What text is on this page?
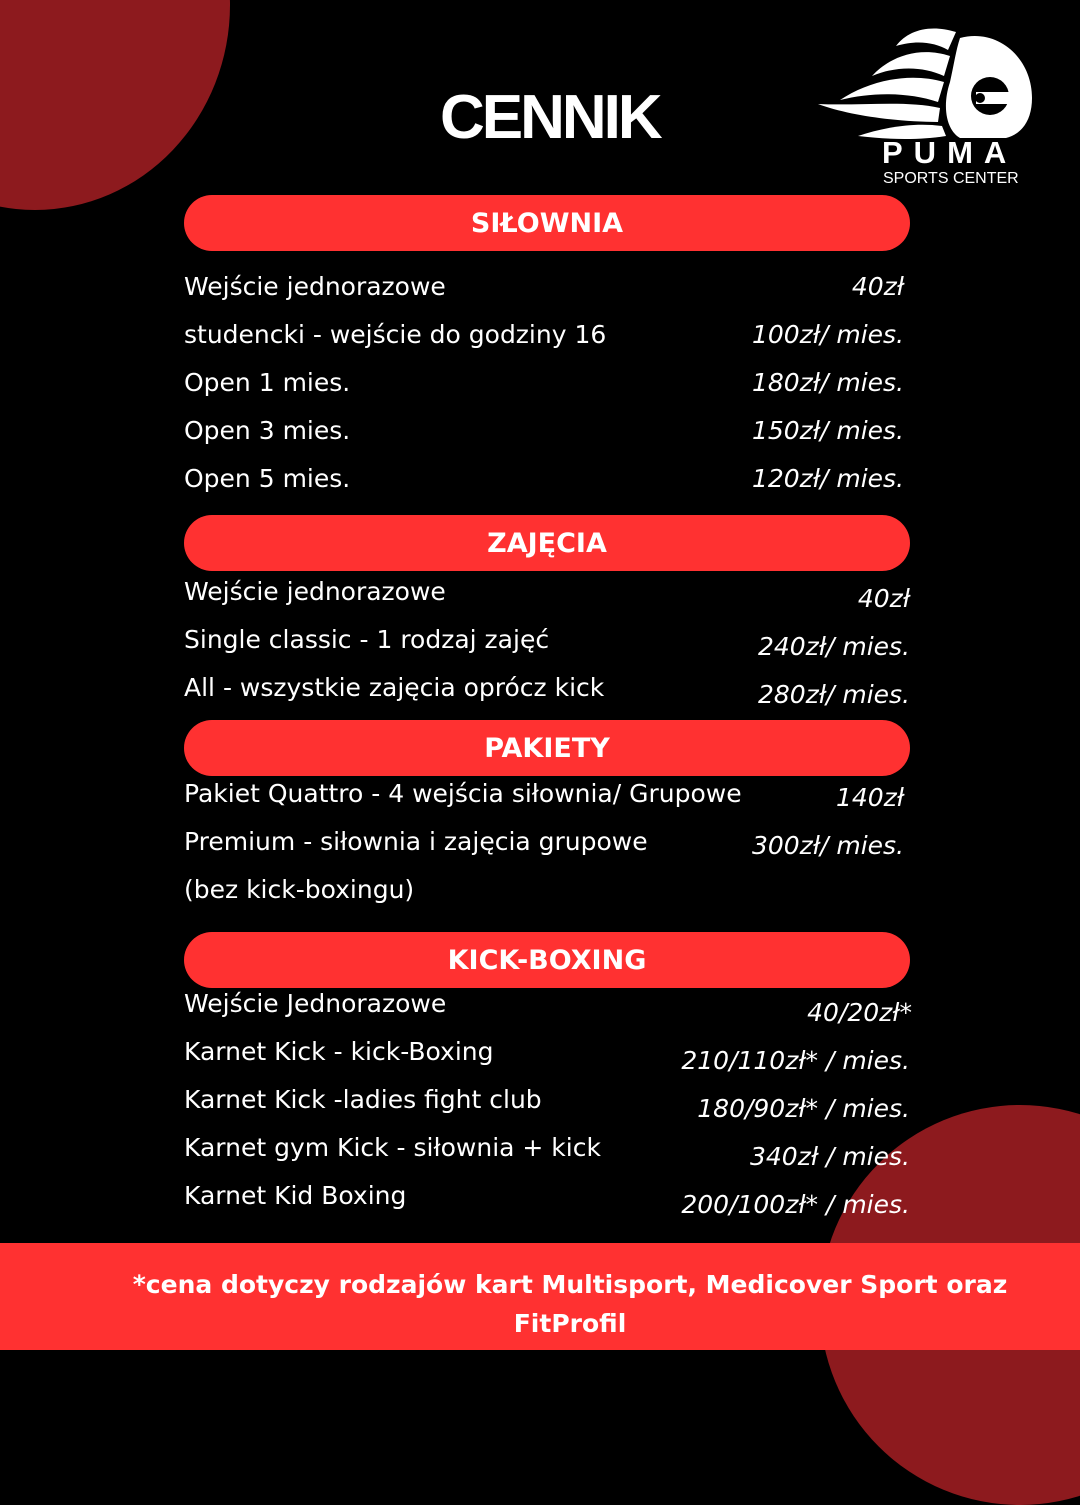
CENNIK

PUMA

SPORTS CENTER

SIŁOWNIA

Wejście jednorazowe	40zł

studencki - wejście do godziny 16	100zł/ mies.

Open 1 mies.	180zł/ mies.

Open 3 mies.	150zł/ mies.

Open 5 mies.	120zł/ mies.

ZAJĘCIA

Wejście jednorazowe	40zł

Single classic - 1 rodzaj zajęć	240zł/ mies.

All - wszystkie zajęcia oprócz kick	280zł/ mies.

PAKIETY

Pakiet Quattro - 4 wejścia siłownia/ Grupowe	140zł

Premium - siłownia i zajęcia grupowe	300zł/ mies.

(bez kick-boxingu)

KICK-BOXING

Wejście Jednorazowe	40/20zł*

Karnet Kick - kick-Boxing	210/110zł* / mies.

Karnet Kick -ladies fight club	180/90zł* / mies.

Karnet gym Kick - siłownia + kick	340zł / mies.

Karnet Kid Boxing	200/100zł* / mies.

*cena dotyczy rodzajów kart Multisport, Medicover Sport oraz FitProfil
